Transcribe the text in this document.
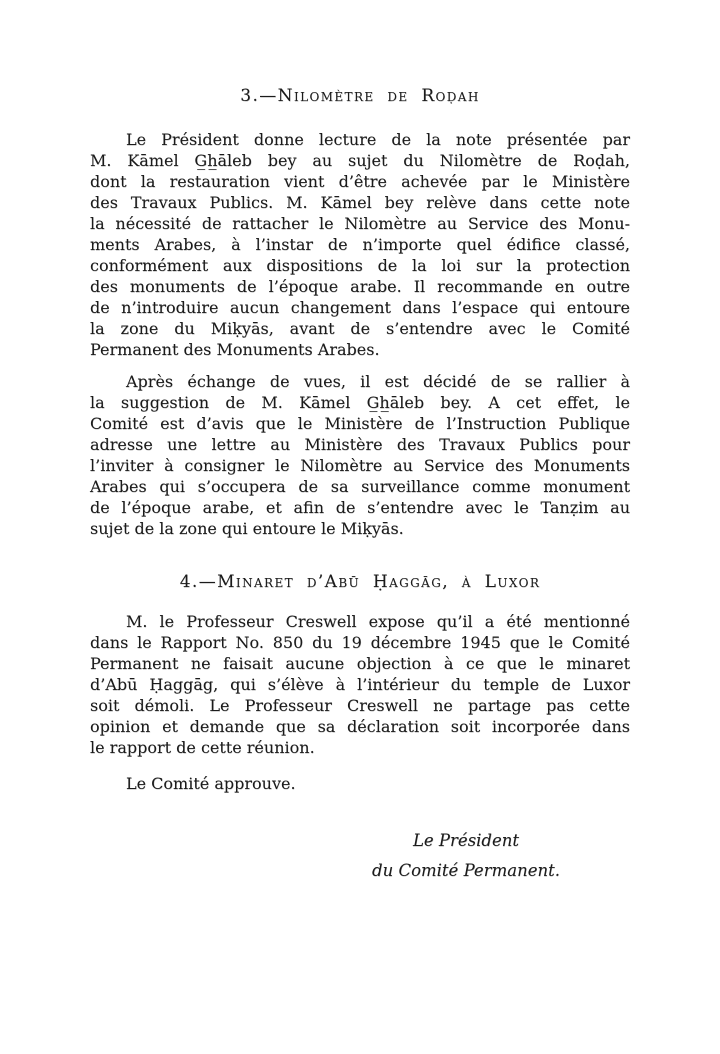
3.—Nilomètre de Roḍah
Le Président donne lecture de la note présentée par
M. Kāmel G̲h̲āleb bey au sujet du Nilomètre de Roḍah,
dont la restauration vient d’être achevée par le Ministère
des Travaux Publics. M. Kāmel bey relève dans cette note
la nécessité de rattacher le Nilomètre au Service des Monu-
ments Arabes, à l’instar de n’importe quel édifice classé,
conformément aux dispositions de la loi sur la protection
des monuments de l’époque arabe. Il recommande en outre
de n’introduire aucun changement dans l’espace qui entoure
la zone du Miḳyās, avant de s’entendre avec le Comité
Permanent des Monuments Arabes.
Après échange de vues, il est décidé de se rallier à
la suggestion de M. Kāmel G̲h̲āleb bey. A cet effet, le
Comité est d’avis que le Ministère de l’Instruction Publique
adresse une lettre au Ministère des Travaux Publics pour
l’inviter à consigner le Nilomètre au Service des Monuments
Arabes qui s’occupera de sa surveillance comme monument
de l’époque arabe, et afin de s’entendre avec le Tanẓim au
sujet de la zone qui entoure le Miḳyās.
4.—Minaret d’Abū Ḥaggāg, à Luxor
M. le Professeur Creswell expose qu’il a été mentionné
dans le Rapport No. 850 du 19 décembre 1945 que le Comité
Permanent ne faisait aucune objection à ce que le minaret
d’Abū Ḥaggāg, qui s’élève à l’intérieur du temple de Luxor
soit démoli. Le Professeur Creswell ne partage pas cette
opinion et demande que sa déclaration soit incorporée dans
le rapport de cette réunion.
Le Comité approuve.
Le Président
du Comité Permanent.
